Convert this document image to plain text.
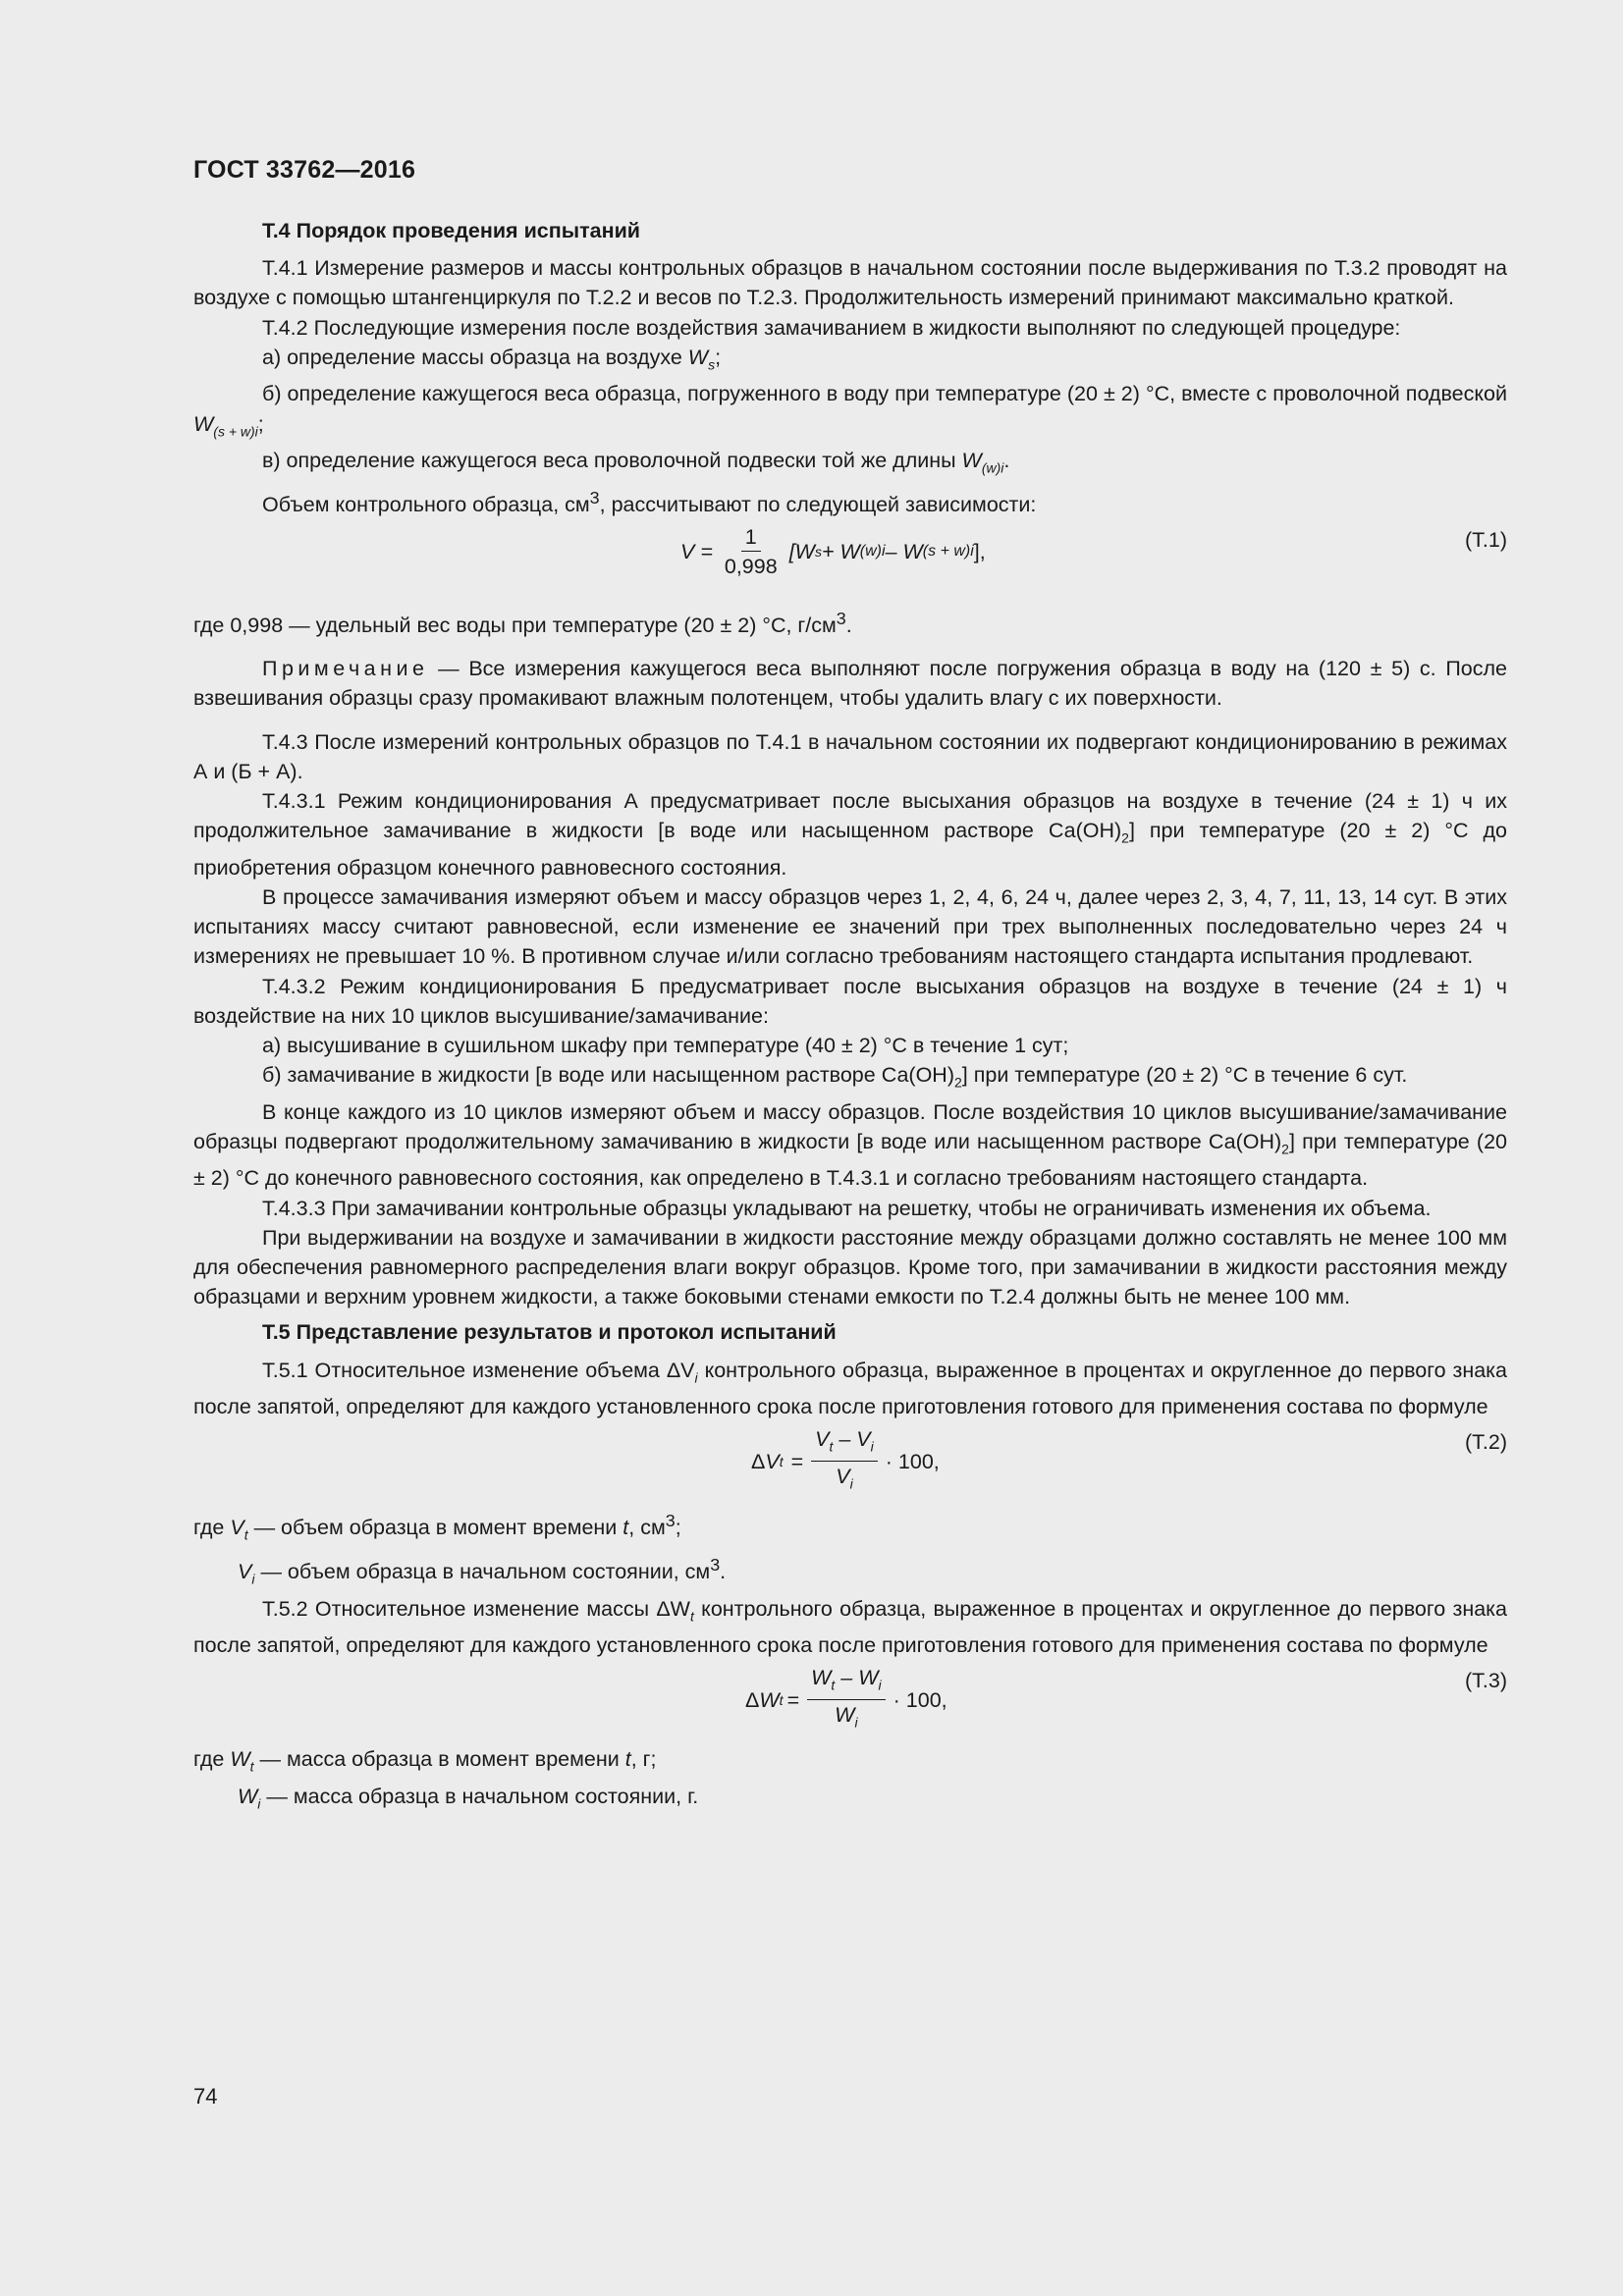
ГОСТ 33762—2016
Т.4 Порядок проведения испытаний
Т.4.1 Измерение размеров и массы контрольных образцов в начальном состоянии после выдерживания по Т.3.2 проводят на воздухе с помощью штангенциркуля по Т.2.2 и весов по Т.2.3. Продолжительность измерений принимают максимально краткой.
Т.4.2 Последующие измерения после воздействия замачиванием в жидкости выполняют по следующей процедуре:
а) определение массы образца на воздухе $W_s$;
б) определение кажущегося веса образца, погруженного в воду при температуре (20 ± 2) °С, вместе с проволочной подвеской $W_{(s + w)i}$;
в) определение кажущегося веса проволочной подвески той же длины $W_{(w)i}$.
Объем контрольного образца, $см^3$, рассчитывают по следующей зависимости:
$V = \frac{1}{0,998} [W$ s + W (w)i – W (s + w)i ],
(Т.1)
где 0,998 — удельный вес воды при температуре (20 ± 2) °С, $г/см^3$.
Примечание — Все измерения кажущегося веса выполняют после погружения образца в воду на (120 ± 5) с. После взвешивания образцы сразу промакивают влажным полотенцем, чтобы удалить влагу с их поверхности.
Т.4.3 После измерений контрольных образцов по Т.4.1 в начальном состоянии их подвергают кондиционированию в режимах А и (Б + А).
Т.4.3.1 Режим кондиционирования А предусматривает после высыхания образцов на воздухе в течение (24 ± 1) ч их продолжительное замачивание в жидкости [в воде или насыщенном растворе $Са(ОН)_2$] при температуре (20 ± 2) °С до приобретения образцом конечного равновесного состояния.
В процессе замачивания измеряют объем и массу образцов через 1, 2, 4, 6, 24 ч, далее через 2, 3, 4, 7, 11, 13, 14 сут. В этих испытаниях массу считают равновесной, если изменение ее значений при трех выполненных последовательно через 24 ч измерениях не превышает 10 %. В противном случае и/или согласно требованиям настоящего стандарта испытания продлевают.
Т.4.3.2 Режим кондиционирования Б предусматривает после высыхания образцов на воздухе в течение (24 ± 1) ч воздействие на них 10 циклов высушивание/замачивание:
а) высушивание в сушильном шкафу при температуре (40 ± 2) °С в течение 1 сут;
б) замачивание в жидкости [в воде или насыщенном растворе $Са(ОН)_2$] при температуре (20 ± 2) °С в течение 6 сут.
В конце каждого из 10 циклов измеряют объем и массу образцов. После воздействия 10 циклов высушивание/замачивание образцы подвергают продолжительному замачиванию в жидкости [в воде или насыщенном растворе $Са(ОН)_2$] при температуре (20 ± 2) °С до конечного равновесного состояния, как определено в Т.4.3.1 и согласно требованиям настоящего стандарта.
Т.4.3.3 При замачивании контрольные образцы укладывают на решетку, чтобы не ограничивать изменения их объема.
При выдерживании на воздухе и замачивании в жидкости расстояние между образцами должно составлять не менее 100 мм для обеспечения равномерного распределения влаги вокруг образцов. Кроме того, при замачивании в жидкости расстояния между образцами и верхним уровнем жидкости, а также боковыми стенами емкости по Т.2.4 должны быть не менее 100 мм.
Т.5 Представление результатов и протокол испытаний
Т.5.1 Относительное изменение объема $\Delta V_i$ контрольного образца, выраженное в процентах и округленное до первого знака после запятой, определяют для каждого установленного срока после приготовления готового для применения состава по формуле
Δ V $t = \frac{V_t - V_i}{V_i} \cdot 100$,
(Т.2)
где $V_t$ — объем образца в момент времени t, $см^3$;
$V_i$ — объем образца в начальном состоянии, $см^3$.
Т.5.2 Относительное изменение массы $\Delta W_t$ контрольного образца, выраженное в процентах и округленное до первого знака после запятой, определяют для каждого установленного срока после приготовления готового для применения состава по формуле
Δ W $t = \frac{W_t - W_i}{W_i} \cdot 100$,
(Т.3)
где $W_t$ — масса образца в момент времени t, г;
$W_i$ — масса образца в начальном состоянии, г.
74
